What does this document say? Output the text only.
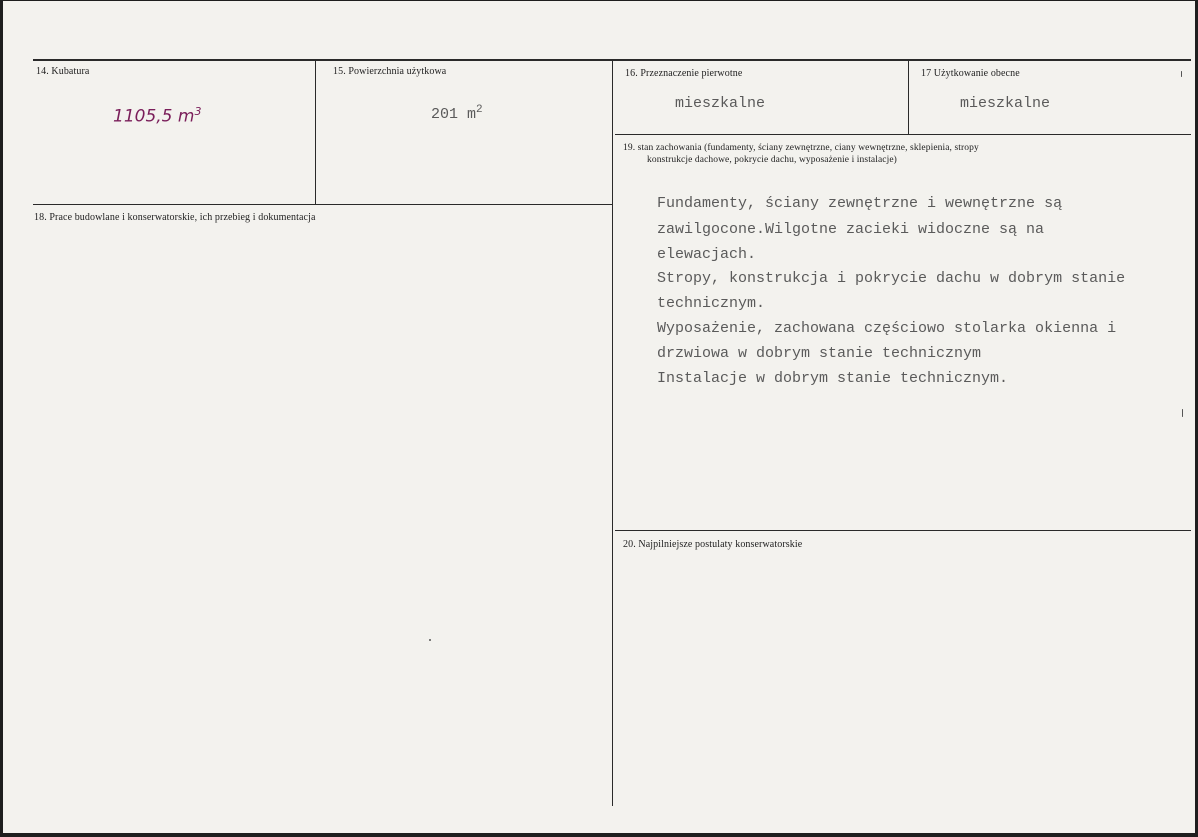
14. Kubatura
1105,5 $m^3$
15. Powierzchnia użytkowa
201 $m^2$
16. Przeznaczenie pierwotne
mieszkalne
17 Użytkowanie obecne
mieszkalne
18. Prace budowlane i konserwatorskie, ich przebieg i dokumentacja
19. stan zachowania (fundamenty, ściany zewnętrzne, ciany wewnętrzne, sklepienia, stropy
konstrukcje dachowe, pokrycie dachu, wyposażenie i instalacje)
Fundamenty, ściany zewnętrzne i wewnętrzne są
zawilgocone.Wilgotne zacieki widoczne są na
elewacjach.
Stropy, konstrukcja i pokrycie dachu w dobrym stanie
technicznym.
Wyposażenie, zachowana częściowo stolarka okienna i
drzwiowa w dobrym stanie technicznym
Instalacje w dobrym stanie technicznym.
20. Najpilniejsze postulaty konserwatorskie
